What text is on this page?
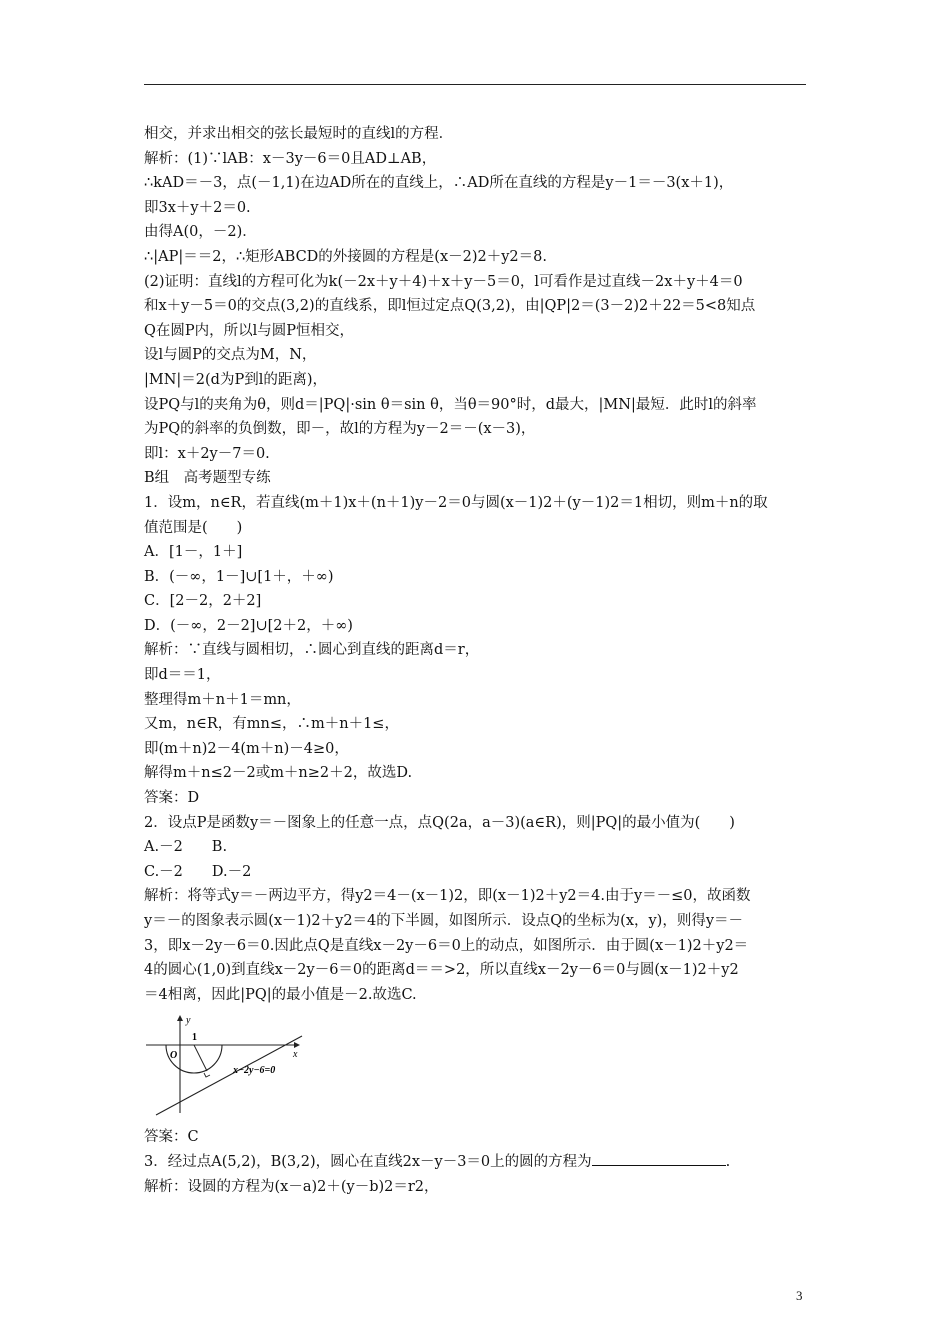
相交，并求出相交的弦长最短时的直线l的方程．
解析：(1)∵lAB：x－3y－6＝0且AD⊥AB，
∴kAD＝－3，点(－1,1)在边AD所在的直线上，∴AD所在直线的方程是y－1＝－3(x＋1)，
即3x＋y＋2＝0.
由得A(0，－2)．
∴|AP|＝＝2，∴矩形ABCD的外接圆的方程是(x－2)2＋y2＝8.
(2)证明：直线l的方程可化为k(－2x＋y＋4)＋x＋y－5＝0，l可看作是过直线－2x＋y＋4＝0
和x＋y－5＝0的交点(3,2)的直线系，即l恒过定点Q(3,2)，由|QP|2＝(3－2)2＋22＝5<8知点
Q在圆P内，所以l与圆P恒相交，
设l与圆P的交点为M，N，
|MN|＝2(d为P到l的距离)，
设PQ与l的夹角为θ，则d＝|PQ|·sin θ＝sin θ，当θ＝90°时，d最大，|MN|最短．此时l的斜率
为PQ的斜率的负倒数，即－，故l的方程为y－2＝－(x－3)，
即l：x＋2y－7＝0.
B组　高考题型专练
1．设m，n∈R，若直线(m＋1)x＋(n＋1)y－2＝0与圆(x－1)2＋(y－1)2＝1相切，则m＋n的取
值范围是(　　)
A．[1－，1＋]
B．(－∞，1－]∪[1＋，＋∞)
C．[2－2，2＋2]
D．(－∞，2－2]∪[2＋2，＋∞)
解析：∵直线与圆相切，∴圆心到直线的距离d＝r，
即d＝＝1，
整理得m＋n＋1＝mn，
又m，n∈R，有mn≤，∴m＋n＋1≤，
即(m＋n)2－4(m＋n)－4≥0，
解得m＋n≤2－2或m＋n≥2＋2，故选D.
答案：D
2．设点P是函数y＝－图象上的任意一点，点Q(2a，a－3)(a∈R)，则|PQ|的最小值为(　　)
A.－2　　B.
C.－2　　D.－2
解析：将等式y＝－两边平方，得y2＝4－(x－1)2，即(x－1)2＋y2＝4.由于y＝－≤0，故函数
y＝－的图象表示圆(x－1)2＋y2＝4的下半圆，如图所示．设点Q的坐标为(x，y)，则得y＝－
3，即x－2y－6＝0.因此点Q是直线x－2y－6＝0上的动点，如图所示．由于圆(x－1)2＋y2＝
4的圆心(1,0)到直线x－2y－6＝0的距离d＝＝>2，所以直线x－2y－6＝0与圆(x－1)2＋y2
＝4相离，因此|PQ|的最小值是－2.故选C.
y
x
O
1
x−2y−6=0
答案：C
3．经过点A(5,2)，B(3,2)，圆心在直线2x－y－3＝0上的圆的方程为	.
解析：设圆的方程为(x－a)2＋(y－b)2＝r2，
3
